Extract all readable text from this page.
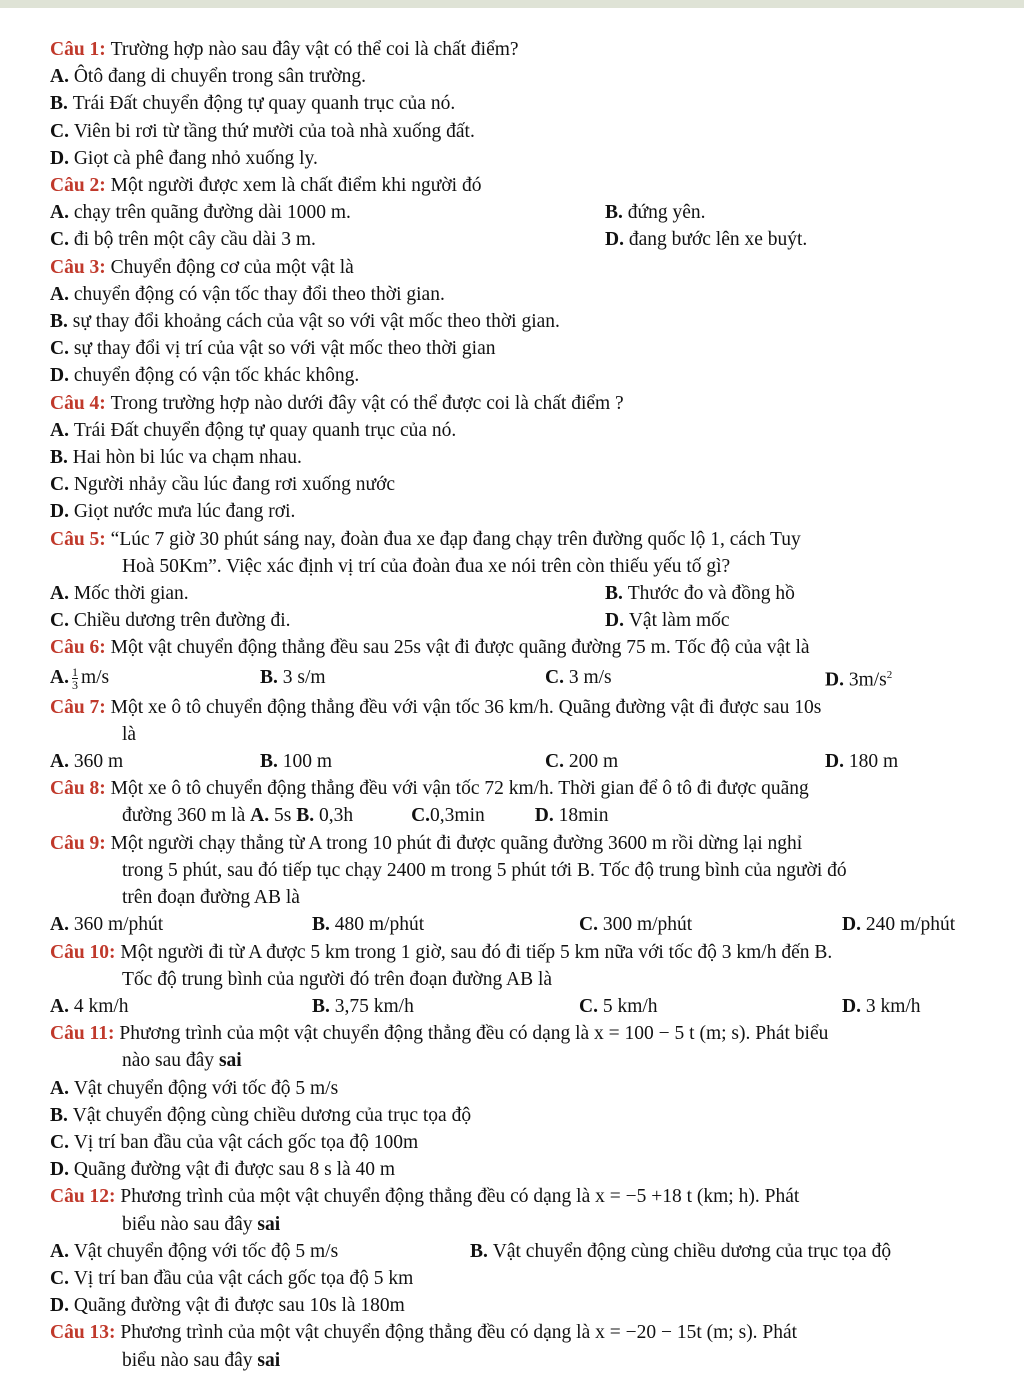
Câu 1:
Trường hợp nào sau đây vật có thể coi là chất điểm?
A.
Ôtô đang di chuyển trong sân trường.
B.
Trái Đất chuyển động tự quay quanh trục của nó.
C.
Viên bi rơi từ tầng thứ mười của toà nhà xuống đất.
D.
Giọt cà phê đang nhỏ xuống ly.
Câu 2:
Một người được xem là chất điểm khi người đó
A. chạy trên quãng đường dài 1000 m.	B. đứng yên.
C. đi bộ trên một cây cầu dài 3 m.	D. đang bước lên xe buýt.
Câu 3:
Chuyển động cơ của một vật là
A.
chuyển động có vận tốc thay đổi theo thời gian.
B.
sự thay đổi khoảng cách của vật so với vật mốc theo thời gian.
C.
sự thay đổi vị trí của vật so với vật mốc theo thời gian
D.
chuyển động có vận tốc khác không.
Câu 4:
Trong trường hợp nào dưới đây vật có thể được coi là chất điểm ?
A.
Trái Đất chuyển động tự quay quanh trục của nó.
B.
Hai hòn bi lúc va chạm nhau.
C.
Người nhảy cầu lúc đang rơi xuống nước
D.
Giọt nước mưa lúc đang rơi.
Câu 5:
“Lúc 7 giờ 30 phút sáng nay, đoàn đua xe đạp đang chạy trên đường quốc lộ 1, cách Tuy
Hoà 50Km”. Việc xác định vị trí của đoàn đua xe nói trên còn thiếu yếu tố gì?
A. Mốc thời gian.	B. Thước đo và đồng hồ
C. Chiều dương trên đường đi.	D. Vật làm mốc
Câu 6:
Một vật chuyển động thẳng đều sau 25s vật đi được quãng đường 75 m. Tốc độ của vật là
A. $\frac{1}{3} m/s$	B. 3 s/m	C. 3 m/s	D. $3m/s^2$
Câu 7:
Một xe ô tô chuyển động thẳng đều với vận tốc 36 km/h. Quãng đường vật đi được sau 10s
là
A. 360 m	B. 100 m	C. 200 m	D. 180 m
Câu 8:
Một xe ô tô chuyển động thẳng đều với vận tốc 72 km/h. Thời gian để ô tô đi được quãng
đường 360 m là
A.
5s
B.
0,3h	C. 0,3min	D.
18min
Câu 9:
Một người chạy thẳng từ A trong 10 phút đi được quãng đường 3600 m rồi dừng lại nghỉ
trong 5 phút, sau đó tiếp tục chạy 2400 m trong 5 phút tới B. Tốc độ trung bình của người đó
trên đoạn đường AB là
A. 360 m/phút	B. 480 m/phút	C. 300 m/phút	D. 240 m/phút
Câu 10:
Một người đi từ A được 5 km trong 1 giờ, sau đó đi tiếp 5 km nữa với tốc độ 3 km/h đến B.
Tốc độ trung bình của người đó trên đoạn đường AB là
A. 4 km/h	B. 3,75 km/h	C. 5 km/h	D. 3 km/h
Câu 11:
Phương trình của một vật chuyển động thẳng đều có dạng là x = 100 − 5 t (m; s). Phát biểu
nào sau đây
sai
A.
Vật chuyển động với tốc độ 5 m/s
B.
Vật chuyển động cùng chiều dương của trục tọa độ
C.
Vị trí ban đầu của vật cách gốc tọa độ 100m
D.
Quãng đường vật đi được sau 8 s là 40 m
Câu 12:
Phương trình của một vật chuyển động thẳng đều có dạng là x = −5 +18 t (km; h). Phát
biểu nào sau đây
sai
A. Vật chuyển động với tốc độ 5 m/s	B. Vật chuyển động cùng chiều dương của trục tọa độ
C.
Vị trí ban đầu của vật cách gốc tọa độ 5 km
D.
Quãng đường vật đi được sau 10s là 180m
Câu 13:
Phương trình của một vật chuyển động thẳng đều có dạng là x = −20 − 15t (m; s). Phát
biểu nào sau đây
sai
